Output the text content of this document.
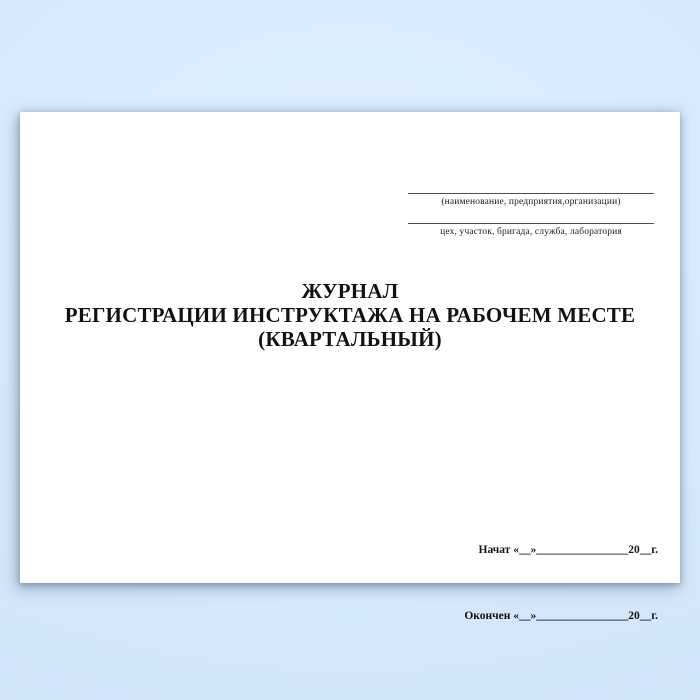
(наименование, предприятия,организации)
цех, участок, бригада, служба, лаборатория
ЖУРНАЛ
РЕГИСТРАЦИИ ИНСТРУКТАЖА НА РАБОЧЕМ МЕСТЕ
(КВАРТАЛЬНЫЙ)

Начат «__»________________20__г.

Окончен «__»________________20__г.
